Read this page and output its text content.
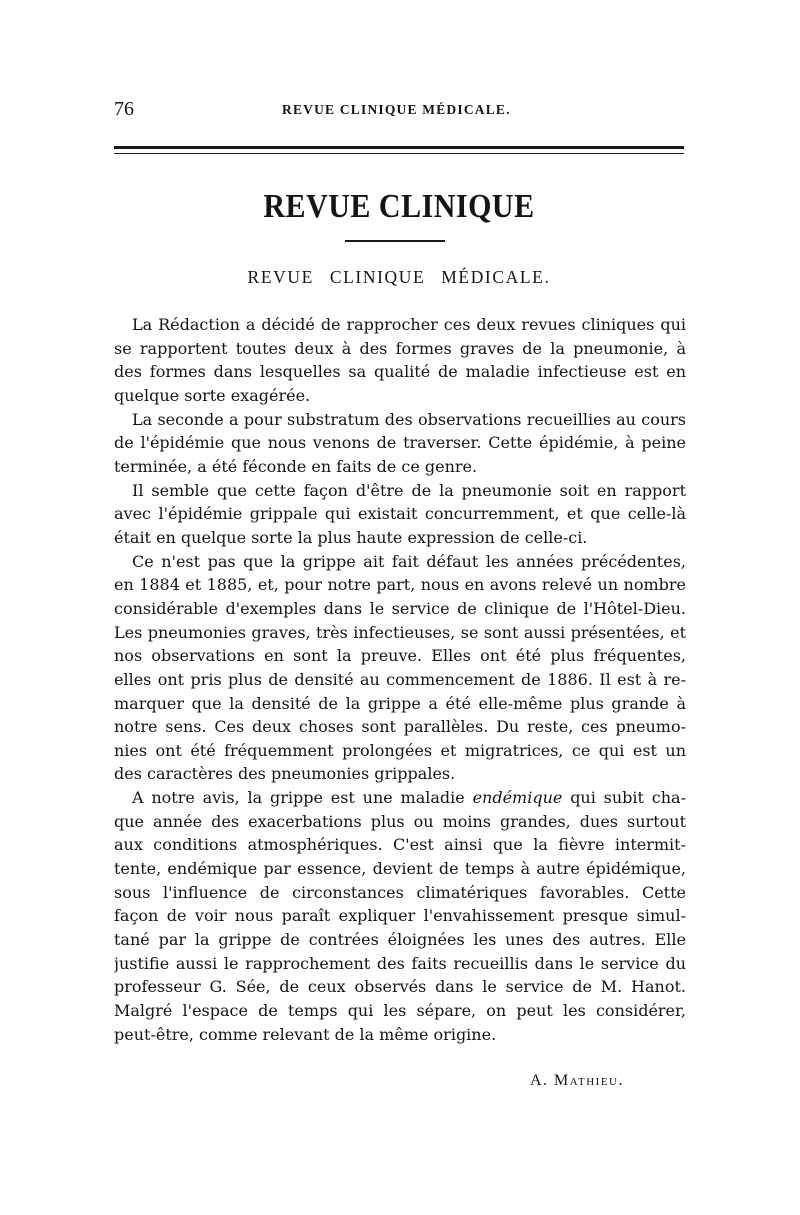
76	REVUE CLINIQUE MÉDICALE.
REVUE CLINIQUE
REVUE CLINIQUE MÉDICALE.
La Rédaction a décidé de rapprocher ces deux revues cliniques qui
se rapportent toutes deux à des formes graves de la pneumonie, à
des formes dans lesquelles sa qualité de maladie infectieuse est en
quelque sorte exagérée.
La seconde a pour substratum des observations recueillies au cours
de l'épidémie que nous venons de traverser. Cette épidémie, à peine
terminée, a été féconde en faits de ce genre.
Il semble que cette façon d'être de la pneumonie soit en rapport
avec l'épidémie grippale qui existait concurremment, et que celle-là
était en quelque sorte la plus haute expression de celle-ci.
Ce n'est pas que la grippe ait fait défaut les années précédentes,
en 1884 et 1885, et, pour notre part, nous en avons relevé un nombre
considérable d'exemples dans le service de clinique de l'Hôtel-Dieu.
Les pneumonies graves, très infectieuses, se sont aussi présentées, et
nos observations en sont la preuve. Elles ont été plus fréquentes,
elles ont pris plus de densité au commencement de 1886. Il est à re-
marquer que la densité de la grippe a été elle-même plus grande à
notre sens. Ces deux choses sont parallèles. Du reste, ces pneumo-
nies ont été fréquemment prolongées et migratrices, ce qui est un
des caractères des pneumonies grippales.
A notre avis, la grippe est une maladie endémique qui subit cha-
que année des exacerbations plus ou moins grandes, dues surtout
aux conditions atmosphériques. C'est ainsi que la fièvre intermit-
tente, endémique par essence, devient de temps à autre épidémique,
sous l'influence de circonstances climatériques favorables. Cette
façon de voir nous paraît expliquer l'envahissement presque simul-
tané par la grippe de contrées éloignées les unes des autres. Elle
justifie aussi le rapprochement des faits recueillis dans le service du
professeur G. Sée, de ceux observés dans le service de M. Hanot.
Malgré l'espace de temps qui les sépare, on peut les considérer,
peut-être, comme relevant de la même origine.
A. Mathieu.
